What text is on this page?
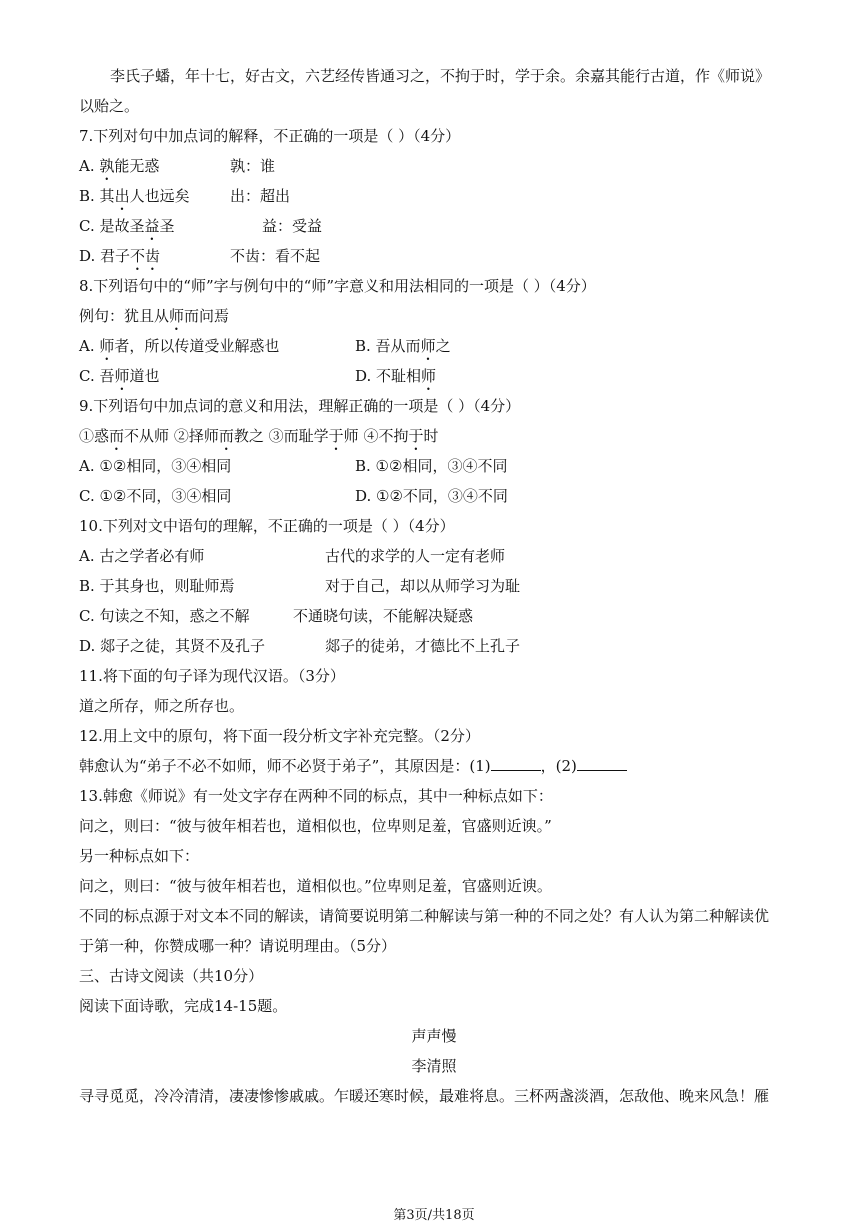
李氏子蟠，年十七，好古文，六艺经传皆通习之，不拘于时，学于余。余嘉其能行古道，作《师说》
以贻之。
7.下列对句中加点词的解释，不正确的一项是（ ）（4分）
A. 孰能无惑	孰：谁
B. 其出人也远矣	出：超出
C. 是故圣益圣	益：受益
D. 君子不齿	不齿：看不起
8.下列语句中的“师”字与例句中的“师”字意义和用法相同的一项是（ ）（4分）
例句：犹且从师而问焉
A. 师者，所以传道受业解惑也	B. 吾从而师之
C. 吾师道也	D. 不耻相师
9.下列语句中加点词的意义和用法，理解正确的一项是（ ）（4分）
①惑而不从师 ②择师而教之 ③而耻学于师 ④不拘于时
A. ①②相同，③④相同	B. ①②相同，③④不同
C. ①②不同，③④相同	D. ①②不同，③④不同
10.下列对文中语句的理解，不正确的一项是（ ）（4分）
A. 古之学者必有师	古代的求学的人一定有老师
B. 于其身也，则耻师焉	对于自己，却以从师学习为耻
C. 句读之不知，惑之不解	不通晓句读，不能解决疑惑
D. 郯子之徒，其贤不及孔子	郯子的徒弟，才德比不上孔子
11.将下面的句子译为现代汉语。（3分）
道之所存，师之所存也。
12.用上文中的原句，将下面一段分析文字补充完整。（2分）
韩愈认为“弟子不必不如师，师不必贤于弟子”，其原因是：(1)	，(2)
13.韩愈《师说》有一处文字存在两种不同的标点，其中一种标点如下：
问之，则曰：“彼与彼年相若也，道相似也，位卑则足羞，官盛则近谀。”
另一种标点如下：
问之，则曰：“彼与彼年相若也，道相似也。”位卑则足羞，官盛则近谀。
不同的标点源于对文本不同的解读，请简要说明第二种解读与第一种的不同之处？有人认为第二种解读优
于第一种，你赞成哪一种？请说明理由。（5分）
三、古诗文阅读（共10分）
阅读下面诗歌，完成14-15题。
声声慢
李清照
寻寻觅觅，冷冷清清，凄凄惨惨戚戚。乍暖还寒时候，最难将息。三杯两盏淡酒，怎敌他、晚来风急！雁
第3页/共18页
